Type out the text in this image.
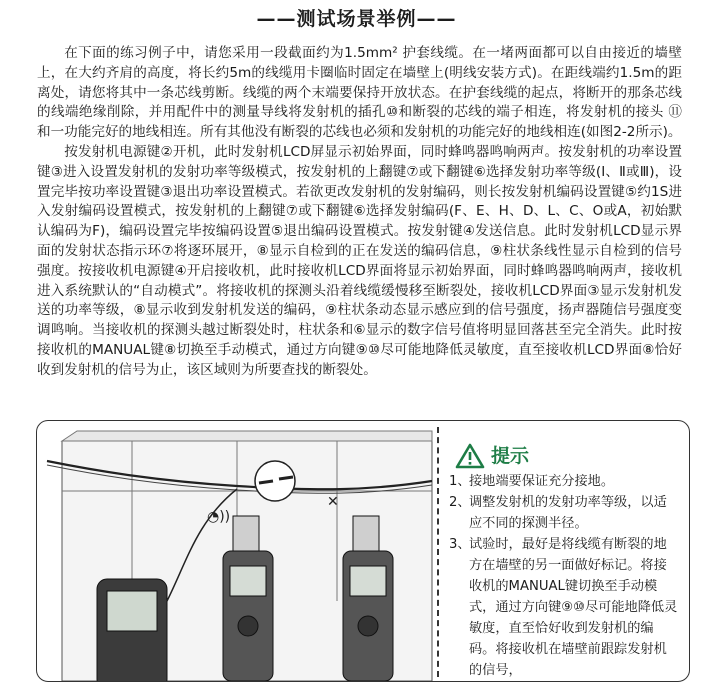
——测试场景举例——

在下面的练习例子中，请您采用一段截面约为1.5mm² 护套线缆。在一堵两面都可以自由接近的墙壁上，在大约齐肩的高度，将长约5m的线缆用卡圈临时固定在墙壁上(明线安装方式)。在距线端约1.5m的距离处，请您将其中一条芯线剪断。线缆的两个末端要保持开放状态。在护套线缆的起点，将断开的那条芯线的线端绝缘削除，并用配件中的测量导线将发射机的插孔⑩和断裂的芯线的端子相连，将发射机的接头 ⑪ 和一功能完好的地线相连。所有其他没有断裂的芯线也必须和发射机的功能完好的地线相连(如图2-2所示)。

按发射机电源键②开机，此时发射机LCD屏显示初始界面，同时蜂鸣器鸣响两声。按发射机的功率设置键③进入设置发射机的发射功率等级模式，按发射机的上翻键⑦或下翻键⑥选择发射功率等级(Ⅰ、Ⅱ或Ⅲ)，设置完毕按功率设置键③退出功率设置模式。若欲更改发射机的发射编码，则长按发射机编码设置键⑤约1S进入发射编码设置模式，按发射机的上翻键⑦或下翻键⑥选择发射编码(F、E、H、D、L、C、O或A，初始默认编码为F)，编码设置完毕按编码设置⑤退出编码设置模式。按发射键④发送信息。此时发射机LCD显示界面的发射状态指示环⑦将逐环展开，⑧显示自检到的正在发送的编码信息，⑨柱状条线性显示自检到的信号强度。按接收机电源键④开启接收机，此时接收机LCD界面将显示初始界面，同时蜂鸣器鸣响两声，接收机进入系统默认的“自动模式”。将接收机的探测头沿着线缆缓慢移至断裂处，接收机LCD界面③显示发射机发送的功率等级，⑧显示收到发射机发送的编码，⑨柱状条动态显示感应到的信号强度，扬声器随信号强度变调鸣响。当接收机的探测头越过断裂处时，柱状条和⑥显示的数字信号值将明显回落甚至完全消失。此时按接收机的MANUAL键⑧切换至手动模式，通过方向键⑨⑩尽可能地降低灵敏度，直至接收机LCD界面⑧恰好收到发射机的信号为止，该区域则为所要查找的断裂处。

◔))
✕
提示
1、
接地端要保证充分接地。
2、
调整发射机的发射功率等级，以适应不同的探测半径。
3、
试验时，最好是将线缆有断裂的地方在墙壁的另一面做好标记。将接收机的MANUAL键切换至手动模式，通过方向键⑨⑩尽可能地降低灵敏度，直至恰好收到发射机的编码。将接收机在墙壁前跟踪发射机的信号，
